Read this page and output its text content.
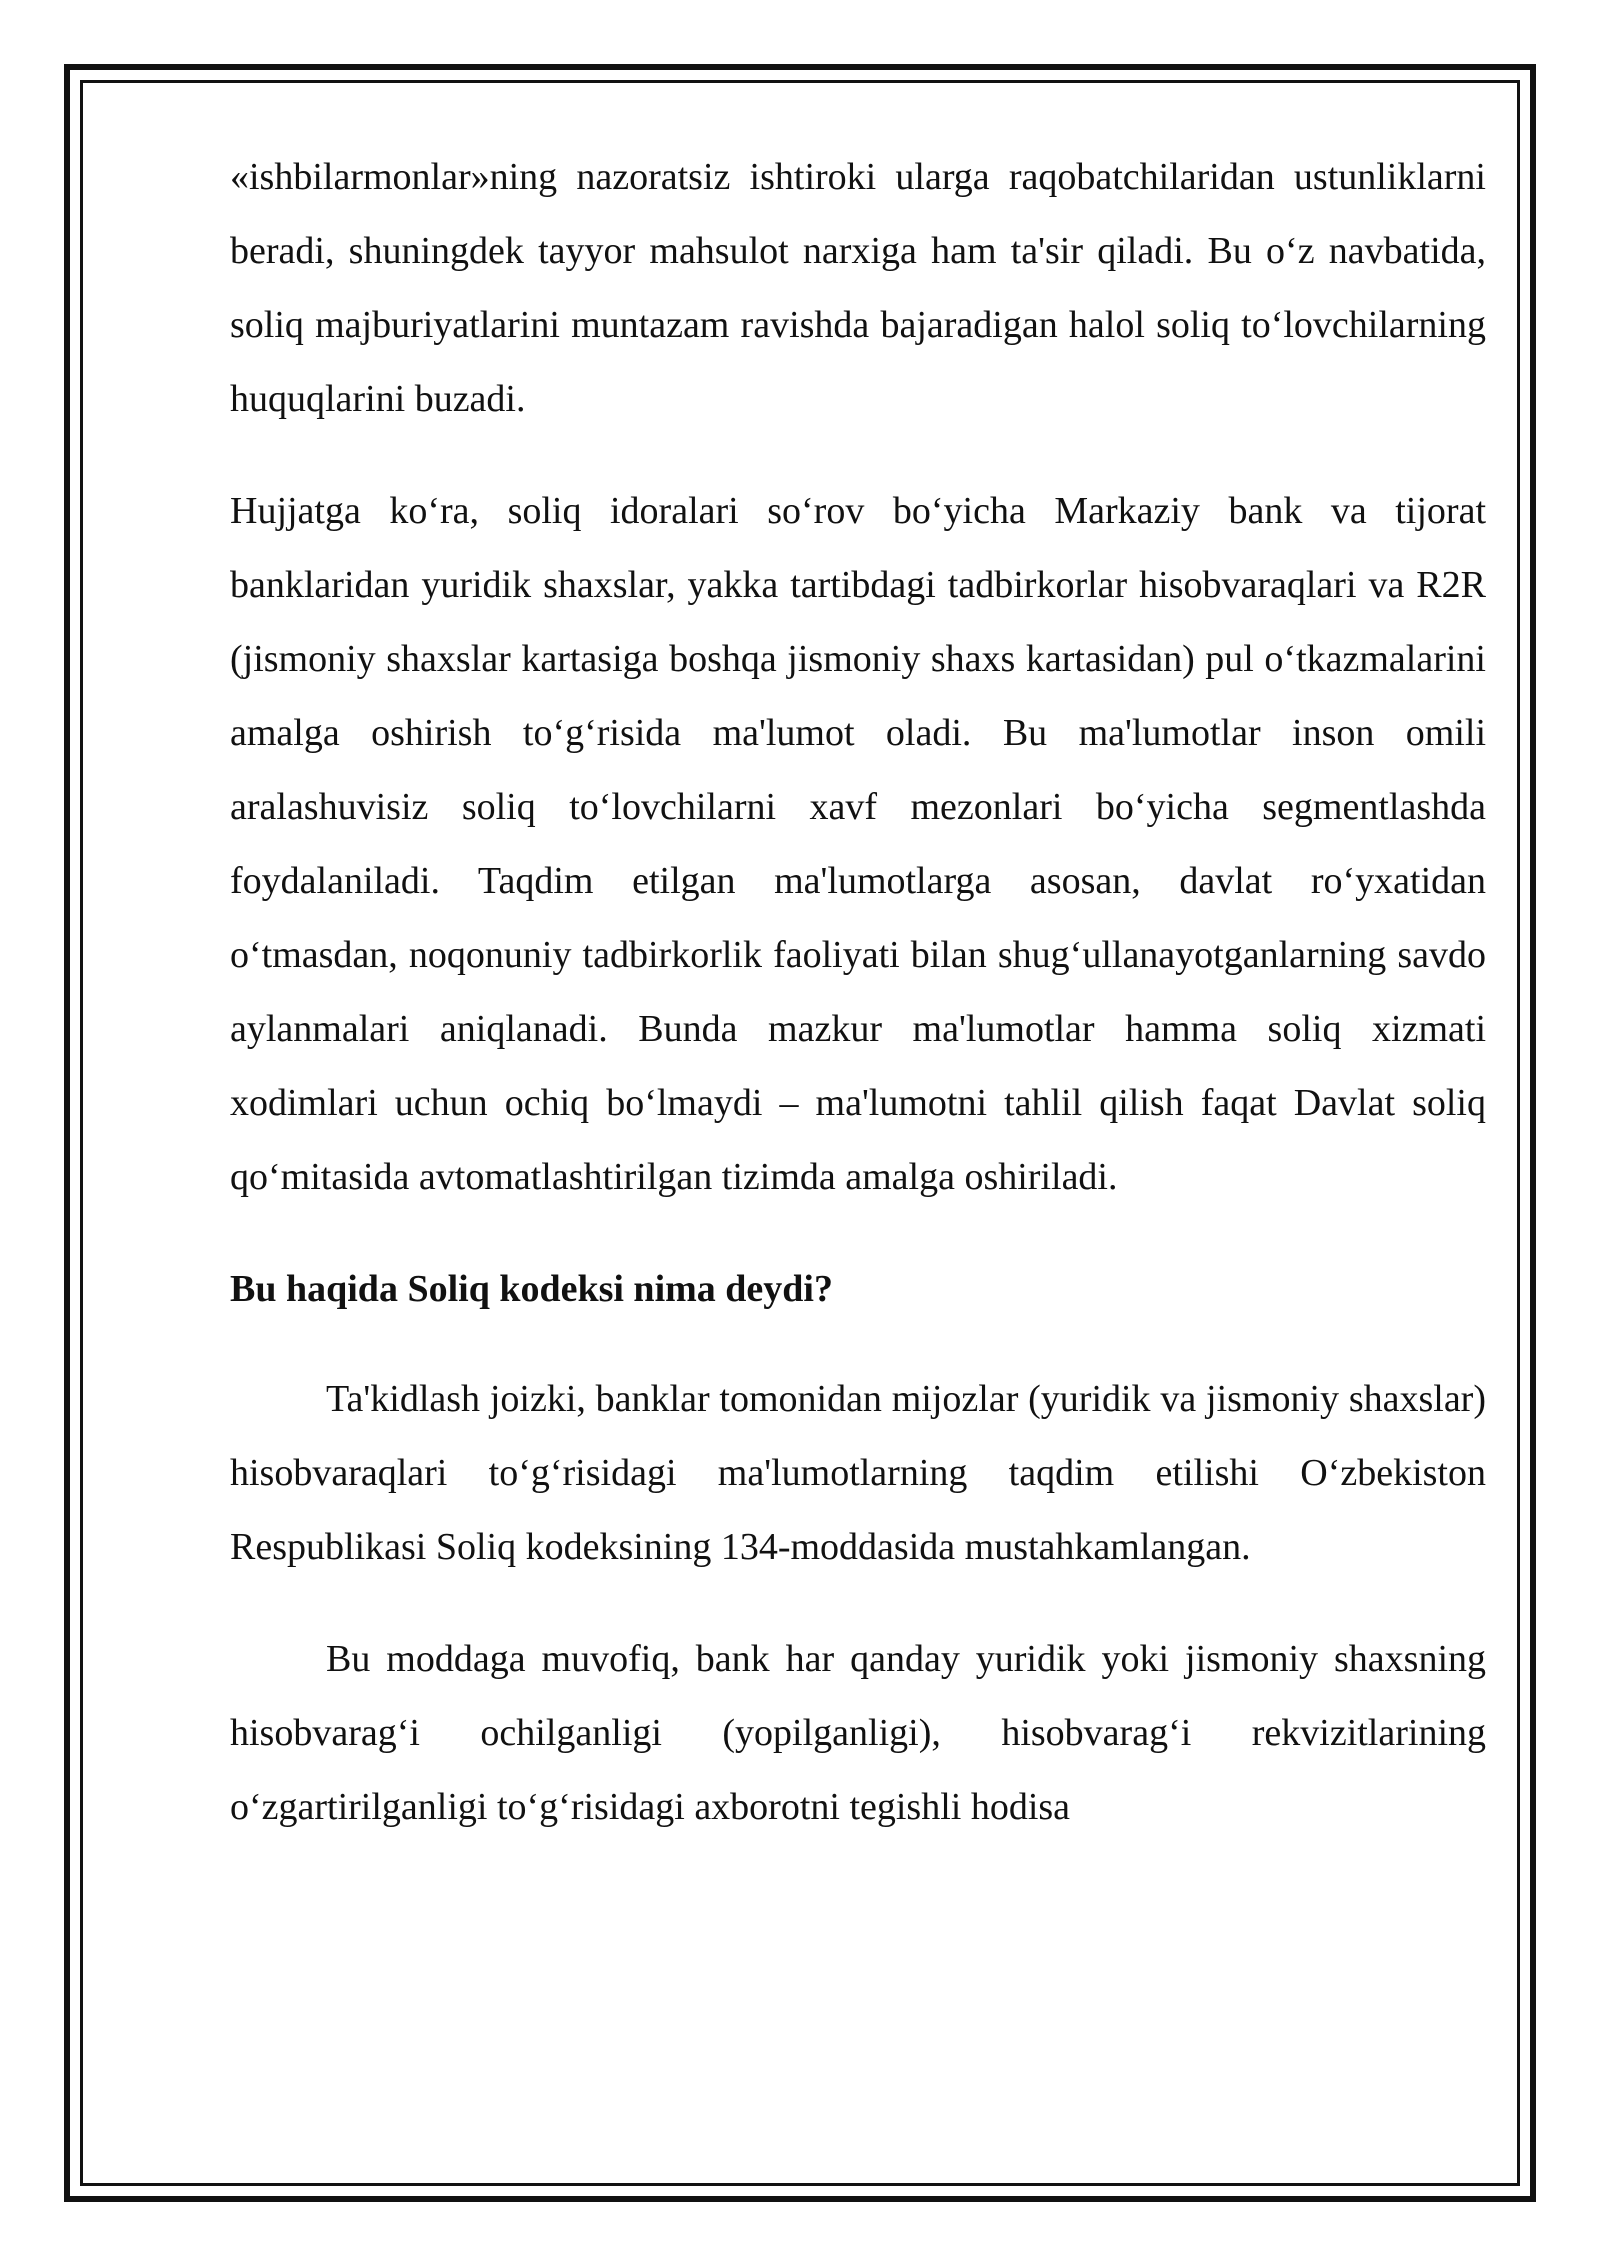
«ishbilarmonlar»ning nazoratsiz ishtiroki ularga raqobatchilaridan ustunliklarni beradi, shuningdek tayyor mahsulot narxiga ham ta'sir qiladi. Bu o‘z navbatida, soliq majburiyatlarini muntazam ravishda bajaradigan halol soliq to‘lovchilarning huquqlarini buzadi.

Hujjatga ko‘ra, soliq idoralari so‘rov bo‘yicha Markaziy bank va tijorat banklaridan yuridik shaxslar, yakka tartibdagi tadbirkorlar hisobvaraqlari va R2R (jismoniy shaxslar kartasiga boshqa jismoniy shaxs kartasidan) pul o‘tkazmalarini amalga oshirish to‘g‘risida ma'lumot oladi. Bu ma'lumotlar inson omili aralashuvisiz soliq to‘lovchilarni xavf mezonlari bo‘yicha segmentlashda foydalaniladi. Taqdim etilgan ma'lumotlarga asosan, davlat ro‘yxatidan o‘tmasdan, noqonuniy tadbirkorlik faoliyati bilan shug‘ullanayotganlarning savdo aylanmalari aniqlanadi. Bunda mazkur ma'lumotlar hamma soliq xizmati xodimlari uchun ochiq bo‘lmaydi – ma'lumotni tahlil qilish faqat Davlat soliq qo‘mitasida avtomatlashtirilgan tizimda amalga oshiriladi.

Bu haqida Soliq kodeksi nima deydi?

Ta'kidlash joizki, banklar tomonidan mijozlar (yuridik va jismoniy shaxslar) hisobvaraqlari to‘g‘risidagi ma'lumotlarning taqdim etilishi O‘zbekiston Respublikasi Soliq kodeksining 134-moddasida mustahkamlangan.

Bu moddaga muvofiq, bank har qanday yuridik yoki jismoniy shaxsning hisobvarag‘i ochilganligi (yopilganligi), hisobvarag‘i rekvizitlarining o‘zgartirilganligi to‘g‘risidagi axborotni tegishli hodisa
